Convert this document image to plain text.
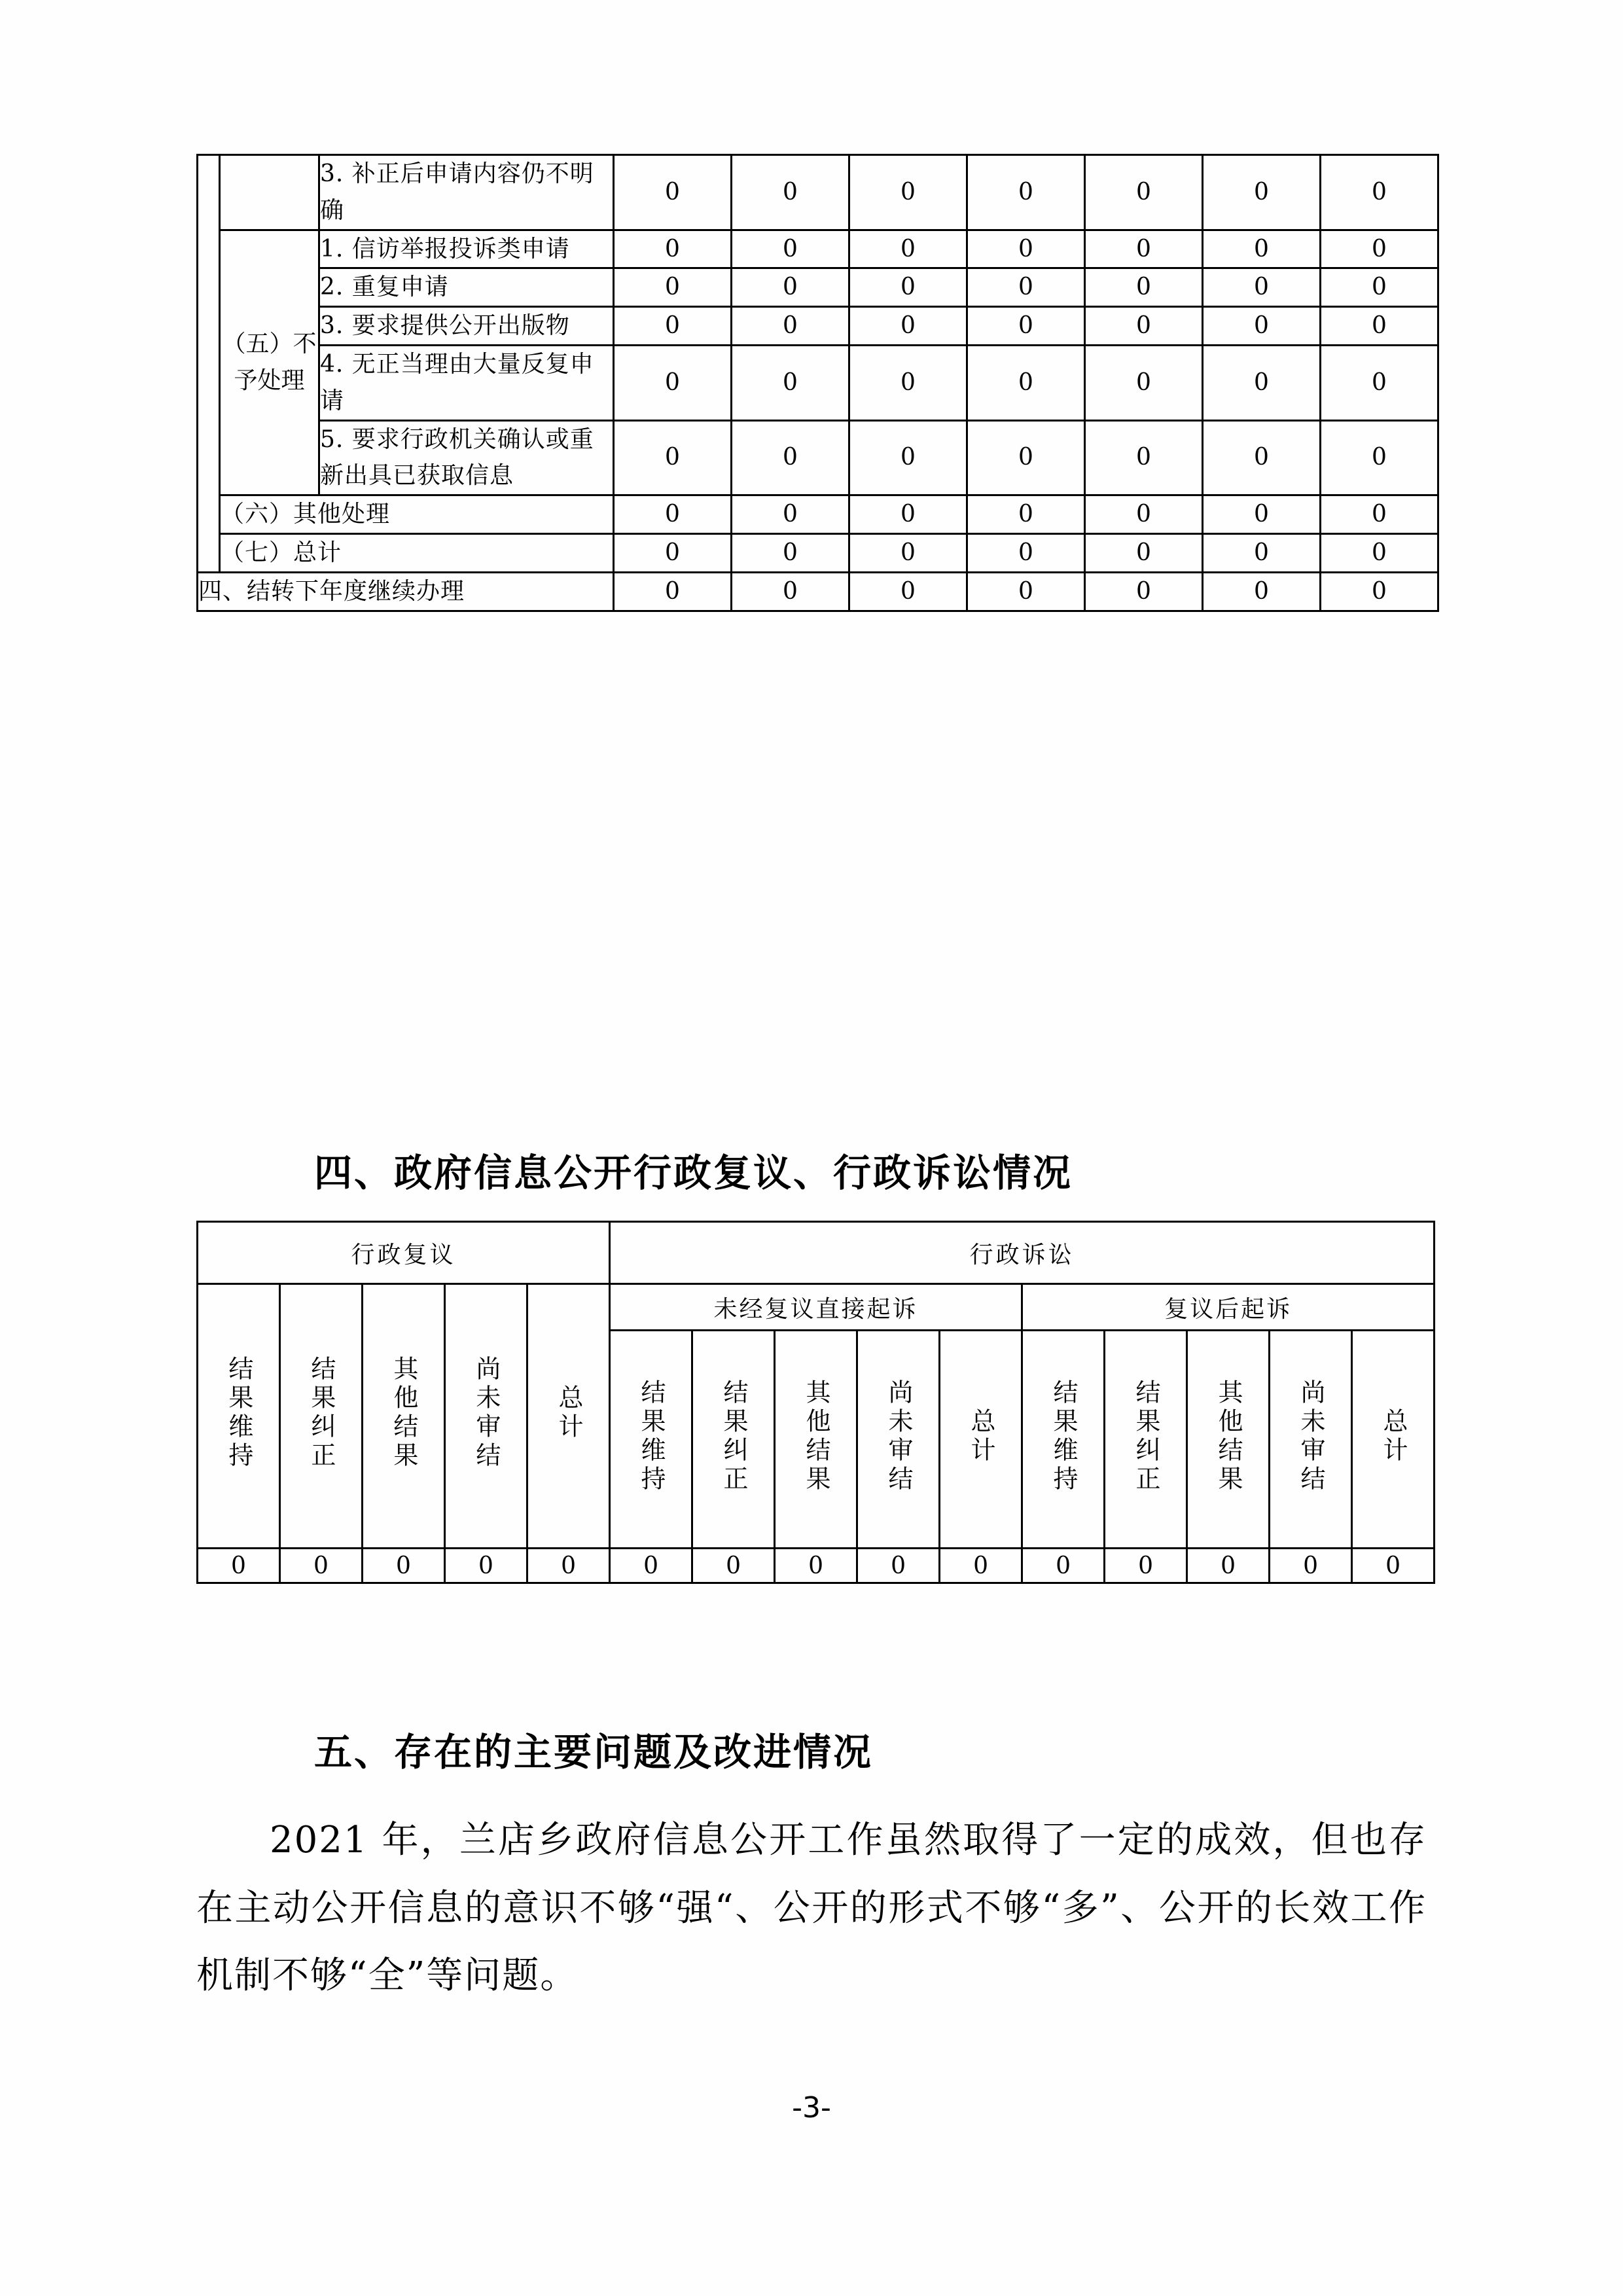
		3. 补正后申请内容仍不明确	0	0	0	0	0	0	0
	（五）不予处理	1. 信访举报投诉类申请	0	0	0	0	0	0	0
		2. 重复申请	0	0	0	0	0	0	0
		3. 要求提供公开出版物	0	0	0	0	0	0	0
		4. 无正当理由大量反复申请	0	0	0	0	0	0	0
		5. 要求行政机关确认或重新出具已获取信息	0	0	0	0	0	0	0
	（六）其他处理		0	0	0	0	0	0	0
	（七）总计		0	0	0	0	0	0	0
四、结转下年度继续办理			0	0	0	0	0	0	0
四、政府信息公开行政复议、行政诉讼情况
行政复议					行政诉讼									
结果维持	结果纠正	其他结果	尚未审结	总计	未经复议直接起诉					复议后起诉				
					结果维持	结果纠正	其他结果	尚未审结	总计	结果维持	结果纠正	其他结果	尚未审结	总计
0	0	0	0	0	0	0	0	0	0	0	0	0	0	0
五、存在的主要问题及改进情况
2021 年，兰店乡政府信息公开工作虽然取得了一定的成效，但也存在主动公开信息的意识不够“强“、公开的形式不够“多”、公开的长效工作机制不够“全”等问题。
-3-
